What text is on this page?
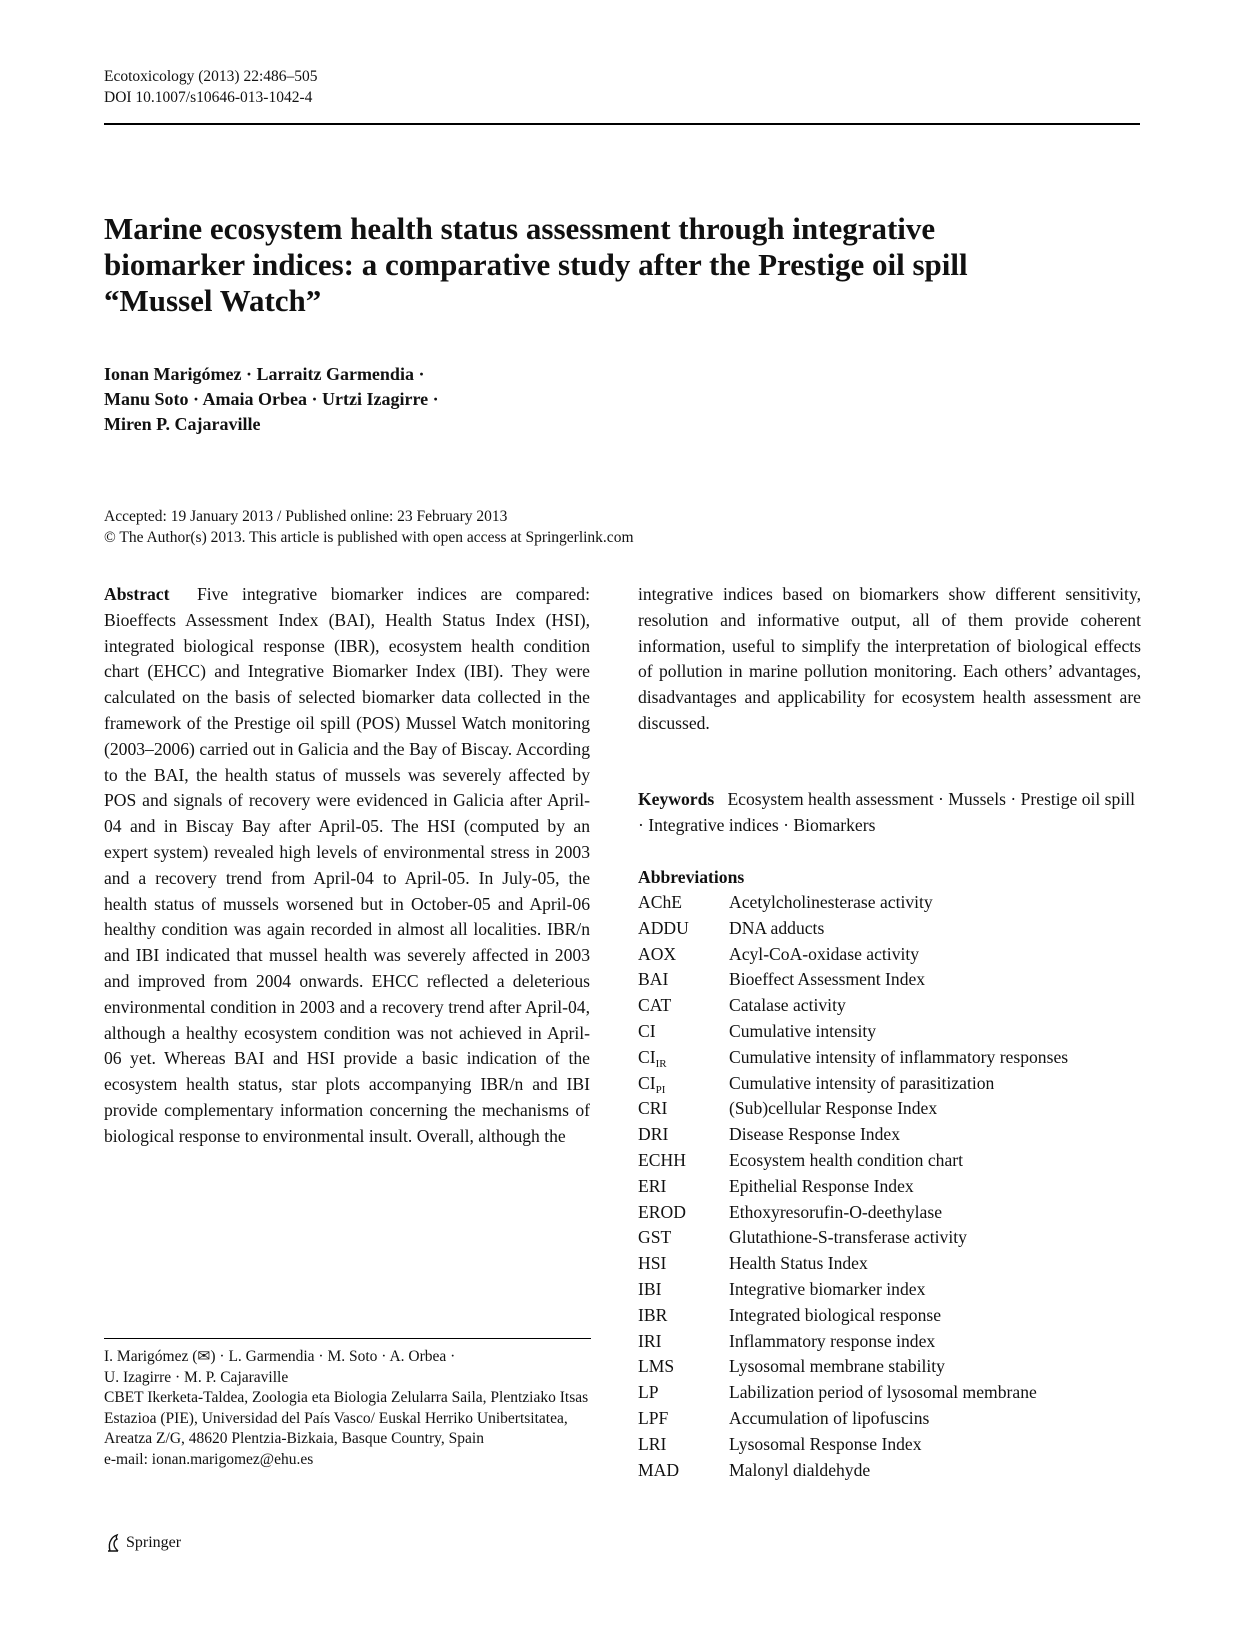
Ecotoxicology (2013) 22:486–505
DOI 10.1007/s10646-013-1042-4
Marine ecosystem health status assessment through integrative
biomarker indices: a comparative study after the Prestige oil spill
“Mussel Watch”
Ionan Marigómez · Larraitz Garmendia ·
Manu Soto · Amaia Orbea · Urtzi Izagirre ·
Miren P. Cajaraville
Accepted: 19 January 2013 / Published online: 23 February 2013
© The Author(s) 2013. This article is published with open access at Springerlink.com
Abstract Five integrative biomarker indices are compared: Bioeffects Assessment Index (BAI), Health Status Index (HSI), integrated biological response (IBR), ecosystem health condition chart (EHCC) and Integrative Biomarker Index (IBI). They were calculated on the basis of selected biomarker data collected in the framework of the Prestige oil spill (POS) Mussel Watch monitoring (2003–2006) carried out in Galicia and the Bay of Biscay. According to the BAI, the health status of mussels was severely affected by POS and signals of recovery were evidenced in Galicia after April-04 and in Biscay Bay after April-05. The HSI (computed by an expert system) revealed high levels of environmental stress in 2003 and a recovery trend from April-04 to April-05. In July-05, the health status of mussels worsened but in October-05 and April-06 healthy condition was again recorded in almost all localities. IBR/n and IBI indicated that mussel health was severely affected in 2003 and improved from 2004 onwards. EHCC reflected a deleterious environmental condition in 2003 and a recovery trend after April-04, although a healthy ecosystem condition was not achieved in April-06 yet. Whereas BAI and HSI provide a basic indication of the ecosystem health status, star plots accompanying IBR/n and IBI provide complementary information concerning the mechanisms of biological response to environmental insult. Overall, although the
integrative indices based on biomarkers show different sensitivity, resolution and informative output, all of them provide coherent information, useful to simplify the interpretation of biological effects of pollution in marine pollution monitoring. Each others’ advantages, disadvantages and applicability for ecosystem health assessment are discussed.
Keywords Ecosystem health assessment · Mussels · Prestige oil spill · Integrative indices · Biomarkers
Abbreviations
AChE	Acetylcholinesterase activity
ADDU	DNA adducts
AOX	Acyl-CoA-oxidase activity
BAI	Bioeffect Assessment Index
CAT	Catalase activity
CI	Cumulative intensity
$CI_{IR}$	Cumulative intensity of inflammatory responses
$CI_{PI}$	Cumulative intensity of parasitization
CRI	(Sub)cellular Response Index
DRI	Disease Response Index
ECHH	Ecosystem health condition chart
ERI	Epithelial Response Index
EROD	Ethoxyresorufin-O-deethylase
GST	Glutathione-S-transferase activity
HSI	Health Status Index
IBI	Integrative biomarker index
IBR	Integrated biological response
IRI	Inflammatory response index
LMS	Lysosomal membrane stability
LP	Labilization period of lysosomal membrane
LPF	Accumulation of lipofuscins
LRI	Lysosomal Response Index
MAD	Malonyl dialdehyde
I. Marigómez (✉) · L. Garmendia · M. Soto · A. Orbea ·
U. Izagirre · M. P. Cajaraville
CBET Ikerketa-Taldea, Zoologia eta Biologia Zelularra Saila, Plentziako Itsas Estazioa (PIE), Universidad del País Vasco/ Euskal Herriko Unibertsitatea, Areatza Z/G, 48620 Plentzia-Bizkaia, Basque Country, Spain
e-mail: ionan.marigomez@ehu.es
Springer
